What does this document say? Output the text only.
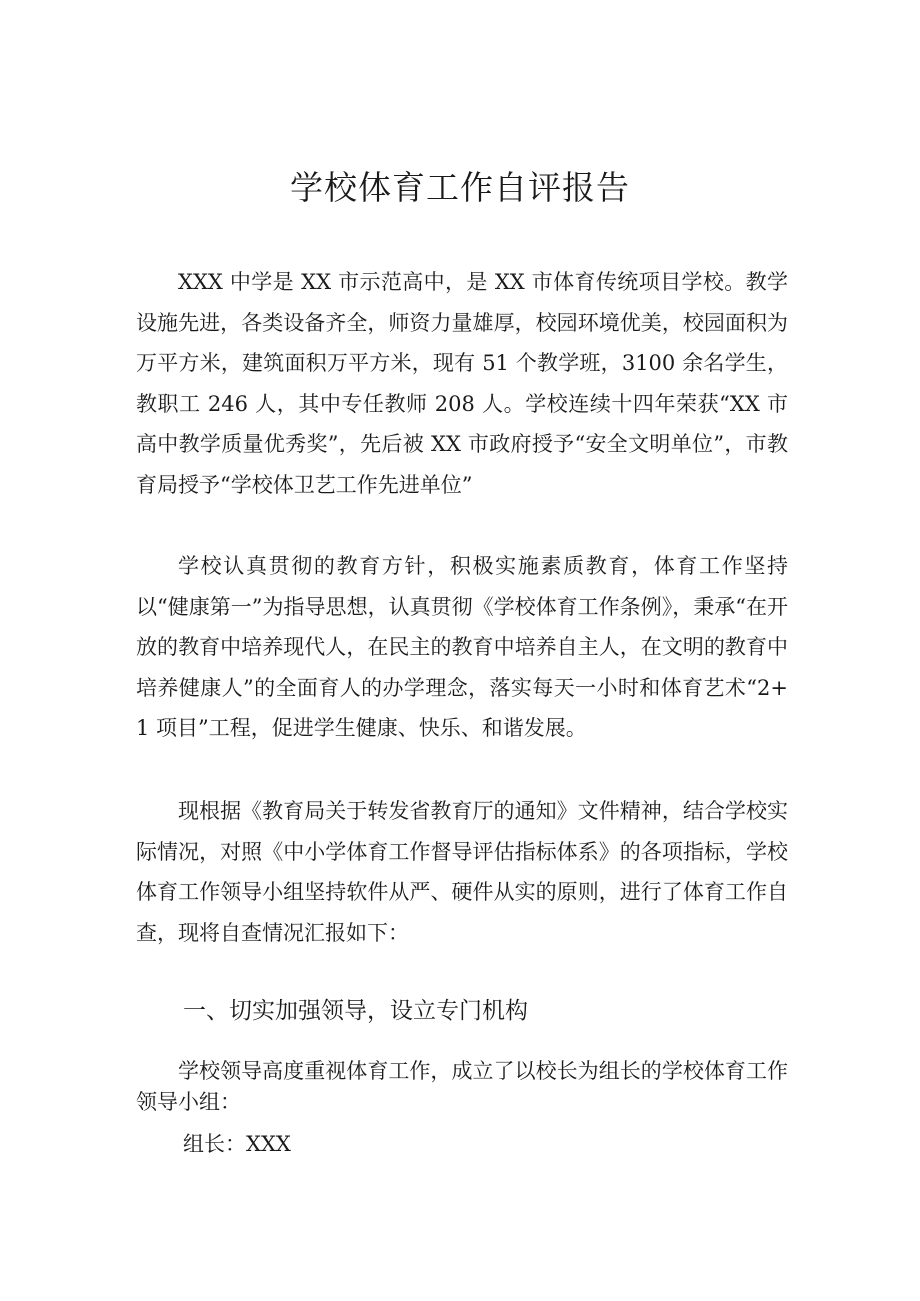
学校体育工作自评报告

XXX 中学是 XX 市示范高中，是 XX 市体育传统项目学校。教学设施先进，各类设备齐全，师资力量雄厚，校园环境优美，校园面积为万平方米，建筑面积万平方米，现有 51 个教学班，3100 余名学生，教职工 246 人，其中专任教师 208 人。学校连续十四年荣获“XX 市高中教学质量优秀奖”，先后被 XX 市政府授予“安全文明单位”，市教育局授予“学校体卫艺工作先进单位”

学校认真贯彻的教育方针，积极实施素质教育，体育工作坚持以“健康第一”为指导思想，认真贯彻《学校体育工作条例》，秉承“在开放的教育中培养现代人，在民主的教育中培养自主人，在文明的教育中培养健康人”的全面育人的办学理念，落实每天一小时和体育艺术“2+1 项目”工程，促进学生健康、快乐、和谐发展。

现根据《教育局关于转发省教育厅的通知》文件精神，结合学校实际情况，对照《中小学体育工作督导评估指标体系》的各项指标，学校体育工作领导小组坚持软件从严、硬件从实的原则，进行了体育工作自查，现将自查情况汇报如下：

一、切实加强领导，设立专门机构

学校领导高度重视体育工作，成立了以校长为组长的学校体育工作领导小组：

组长：XXX
